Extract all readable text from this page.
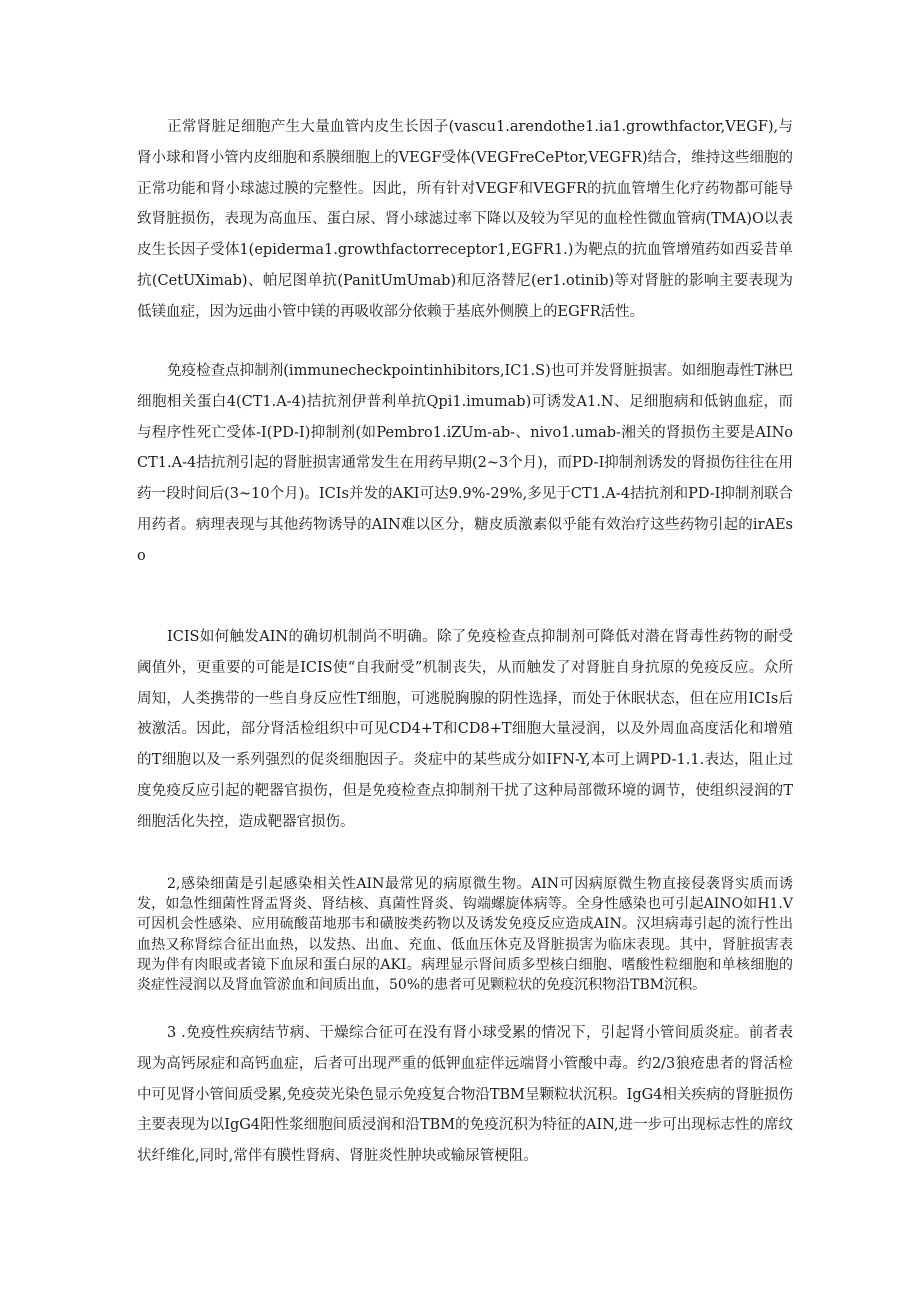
正常肾脏足细胞产生大量血管内皮生长因子(vascu1.arendothe1.ia1.growthfactor,VEGF),与肾小球和肾小管内皮细胞和系膜细胞上的VEGF受体(VEGFreCePtor,VEGFR)结合，维持这些细胞的正常功能和肾小球滤过膜的完整性。因此，所有针对VEGF和VEGFR的抗血管增生化疗药物都可能导致肾脏损伤，表现为高血压、蛋白尿、肾小球滤过率下降以及较为罕见的血栓性微血管病(TMA)O以表皮生长因子受体1(epiderma1.growthfactorreceptor1,EGFR1.)为靶点的抗血管增殖药如西妥昔单抗(CetUXimab)、帕尼图单抗(PanitUmUmab)和厄洛替尼(er1.otinib)等对肾脏的影响主要表现为低镁血症，因为远曲小管中镁的再吸收部分依赖于基底外侧膜上的EGFR活性。

免疫检查点抑制剂(immunecheckpointinhibitors,IC1.S)也可并发肾脏损害。如细胞毒性T淋巴细胞相关蛋白4(CT1.A-4)拮抗剂伊普利单抗Qpi1.imumab)可诱发A1.N、足细胞病和低钠血症，而与程序性死亡受体-I(PD-I)抑制剂(如Pembro1.iZUm-ab-、nivo1.umab-湘关的肾损伤主要是AINoCT1.A-4拮抗剂引起的肾脏损害通常发生在用药早期(2~3个月)，而PD-I抑制剂诱发的肾损伤往往在用药一段时间后(3~10个月)。ICIs并发的AKI可达9.9%-29%,多见于CT1.A-4拮抗剂和PD-I抑制剂联合用药者。病理表现与其他药物诱导的AIN难以区分，糖皮质激素似乎能有效治疗这些药物引起的irAEso

ICIS如何触发AIN的确切机制尚不明确。除了免疫检查点抑制剂可降低对潜在肾毒性药物的耐受阈值外，更重要的可能是ICIS使“自我耐受”机制丧失，从而触发了对肾脏自身抗原的免疫反应。众所周知，人类携带的一些自身反应性T细胞，可逃脱胸腺的阴性选择，而处于休眠状态，但在应用ICIs后被激活。因此，部分肾活检组织中可见CD4+T和CD8+T细胞大量浸润，以及外周血高度活化和增殖的T细胞以及一系列强烈的促炎细胞因子。炎症中的某些成分如IFN-Y,本可上调PD-1.1.表达，阻止过度免疫反应引起的靶器官损伤，但是免疫检查点抑制剂干扰了这种局部微环境的调节，使组织浸润的T细胞活化失控，造成靶器官损伤。

2,感染细菌是引起感染相关性AIN最常见的病原微生物。AIN可因病原微生物直接侵袭肾实质而诱发，如急性细菌性肾盂肾炎、肾结核、真菌性肾炎、钩端螺旋体病等。全身性感染也可引起AINO如H1.V可因机会性感染、应用硫酸苗地那韦和磺胺类药物以及诱发免疫反应造成AIN。汉坦病毒引起的流行性出血热又称肾综合征出血热，以发热、出血、充血、低血压休克及肾脏损害为临床表现。其中，肾脏损害表现为伴有肉眼或者镜下血尿和蛋白尿的AKI。病理显示肾间质多型核白细胞、嗜酸性粒细胞和单核细胞的炎症性浸润以及肾血管淤血和间质出血，50%的患者可见颗粒状的免疫沉积物沿TBM沉积。

3 .免疫性疾病结节病、干燥综合征可在没有肾小球受累的情况下，引起肾小管间质炎症。前者表现为高钙尿症和高钙血症，后者可出现严重的低钾血症伴远端肾小管酸中毒。约2/3狼疮患者的肾活检中可见肾小管间质受累,免疫荧光染色显示免疫复合物沿TBM呈颗粒状沉积。IgG4相关疾病的肾脏损伤主要表现为以IgG4阳性浆细胞间质浸润和沿TBM的免疫沉积为特征的AIN,进一步可出现标志性的席纹状纤维化,同时,常伴有膜性肾病、肾脏炎性肿块或输尿管梗阻。
